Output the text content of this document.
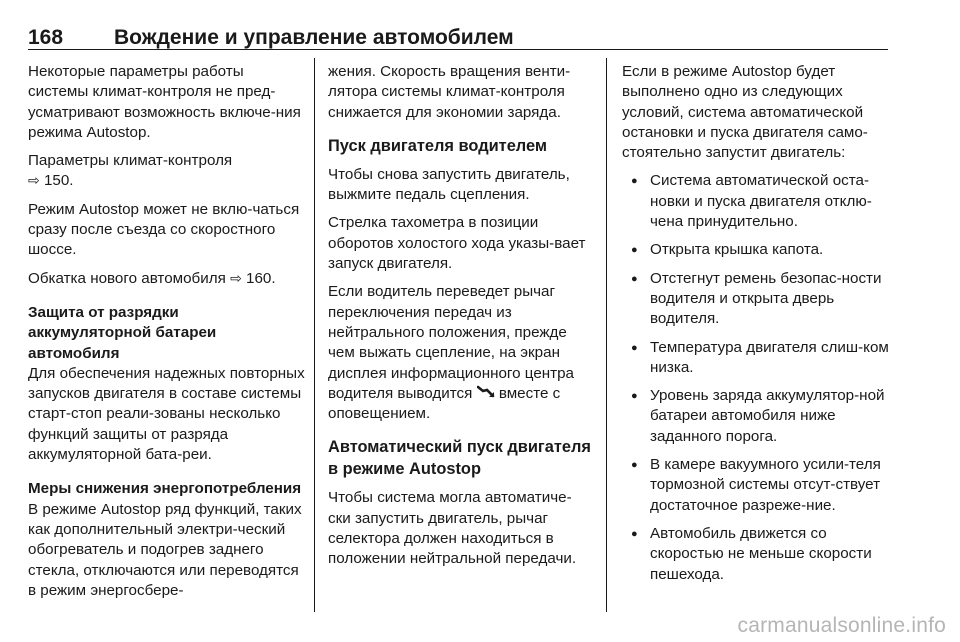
168	Вождение и управление автомобилем

Некоторые параметры работы системы климат-контроля не пред-усматривают возможность включе-ния режима Autostop.

Параметры климат-контроля
⇨ 150.

Режим Autostop может не вклю-чаться сразу после съезда со скоростного шоссе.

Обкатка нового автомобиля ⇨ 160.

Защита от разрядки аккумуляторной батареи автомобиля

Для обеспечения надежных повторных запусков двигателя в составе системы старт-стоп реали-зованы несколько функций защиты от разряда аккумуляторной бата-реи.

Меры снижения энергопотребления

В режиме Autostop ряд функций, таких как дополнительный электри-ческий обогреватель и подогрев заднего стекла, отключаются или переводятся в режим энергосбере-

жения. Скорость вращения венти-лятора системы климат-контроля снижается для экономии заряда.

Пуск двигателя водителем

Чтобы снова запустить двигатель, выжмите педаль сцепления.

Стрелка тахометра в позиции оборотов холостого хода указы-вает запуск двигателя.

Если водитель переведет рычаг переключения передач из нейтрального положения, прежде чем выжать сцепление, на экран дисплея информационного центра водителя выводится вместе с оповещением.

Автоматический пуск двигателя в режиме Autostop

Чтобы система могла автоматиче-ски запустить двигатель, рычаг селектора должен находиться в положении нейтральной передачи.

Если в режиме Autostop будет выполнено одно из следующих условий, система автоматической остановки и пуска двигателя само-стоятельно запустит двигатель:

● Система автоматической оста-новки и пуска двигателя отклю-чена принудительно.
● Открыта крышка капота.
● Отстегнут ремень безопас-ности водителя и открыта дверь водителя.
● Температура двигателя слиш-ком низка.
● Уровень заряда аккумулятор-ной батареи автомобиля ниже заданного порога.
● В камере вакуумного усили-теля тормозной системы отсут-ствует достаточное разреже-ние.
● Автомобиль движется со скоростью не меньше скорости пешехода.
carmanualsonline.info
